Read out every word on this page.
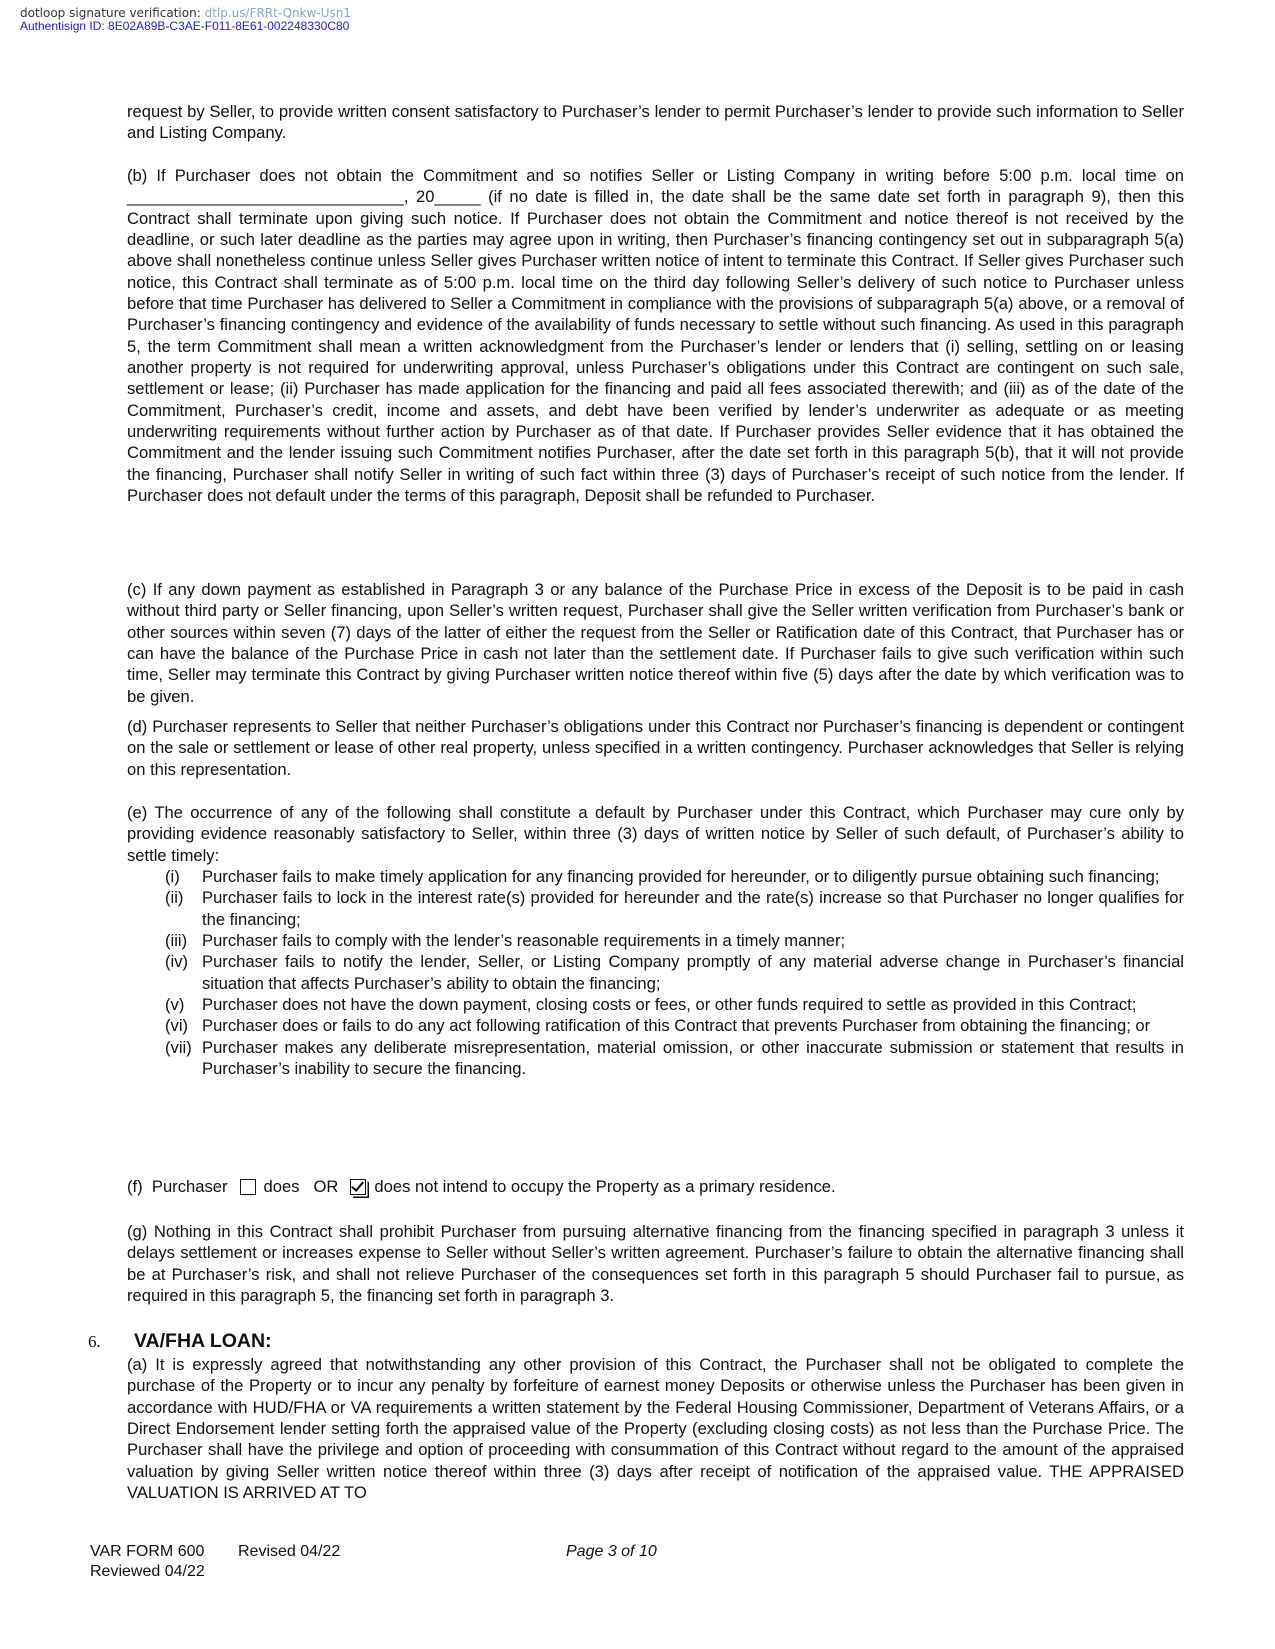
dotloop signature verification: dtlp.us/FRRt-Qnkw-Usn1
Authentisign ID: 8E02A89B-C3AE-F011-8E61-002248330C80

request by Seller, to provide written consent satisfactory to Purchaser’s lender to permit Purchaser’s lender to provide such information to Seller and Listing Company.

(b) If Purchaser does not obtain the Commitment and so notifies Seller or Listing Company in writing before 5:00 p.m. local time on ______________________________, 20_____ (if no date is filled in, the date shall be the same date set forth in paragraph 9), then this Contract shall terminate upon giving such notice. If Purchaser does not obtain the Commitment and notice thereof is not received by the deadline, or such later deadline as the parties may agree upon in writing, then Purchaser’s financing contingency set out in subparagraph 5(a) above shall nonetheless continue unless Seller gives Purchaser written notice of intent to terminate this Contract. If Seller gives Purchaser such notice, this Contract shall terminate as of 5:00 p.m. local time on the third day following Seller’s delivery of such notice to Purchaser unless before that time Purchaser has delivered to Seller a Commitment in compliance with the provisions of subparagraph 5(a) above, or a removal of Purchaser’s financing contingency and evidence of the availability of funds necessary to settle without such financing. As used in this paragraph 5, the term Commitment shall mean a written acknowledgment from the Purchaser’s lender or lenders that (i) selling, settling on or leasing another property is not required for underwriting approval, unless Purchaser’s obligations under this Contract are contingent on such sale, settlement or lease; (ii) Purchaser has made application for the financing and paid all fees associated therewith; and (iii) as of the date of the Commitment, Purchaser’s credit, income and assets, and debt have been verified by lender’s underwriter as adequate or as meeting underwriting requirements without further action by Purchaser as of that date. If Purchaser provides Seller evidence that it has obtained the Commitment and the lender issuing such Commitment notifies Purchaser, after the date set forth in this paragraph 5(b), that it will not provide the financing, Purchaser shall notify Seller in writing of such fact within three (3) days of Purchaser’s receipt of such notice from the lender. If Purchaser does not default under the terms of this paragraph, Deposit shall be refunded to Purchaser.

(c) If any down payment as established in Paragraph 3 or any balance of the Purchase Price in excess of the Deposit is to be paid in cash without third party or Seller financing, upon Seller’s written request, Purchaser shall give the Seller written verification from Purchaser’s bank or other sources within seven (7) days of the latter of either the request from the Seller or Ratification date of this Contract, that Purchaser has or can have the balance of the Purchase Price in cash not later than the settlement date. If Purchaser fails to give such verification within such time, Seller may terminate this Contract by giving Purchaser written notice thereof within five (5) days after the date by which verification was to be given.

(d) Purchaser represents to Seller that neither Purchaser’s obligations under this Contract nor Purchaser’s financing is dependent or contingent on the sale or settlement or lease of other real property, unless specified in a written contingency. Purchaser acknowledges that Seller is relying on this representation.

(e) The occurrence of any of the following shall constitute a default by Purchaser under this Contract, which Purchaser may cure only by providing evidence reasonably satisfactory to Seller, within three (3) days of written notice by Seller of such default, of Purchaser’s ability to settle timely:

(i)	Purchaser fails to make timely application for any financing provided for hereunder, or to diligently pursue obtaining such financing;
(ii)	Purchaser fails to lock in the interest rate(s) provided for hereunder and the rate(s) increase so that Purchaser no longer qualifies for the financing;
(iii) Purchaser fails to comply with the lender’s reasonable requirements in a timely manner;
(iv) Purchaser fails to notify the lender, Seller, or Listing Company promptly of any material adverse change in Purchaser’s financial situation that affects Purchaser’s ability to obtain the financing;
(v)	Purchaser does not have the down payment, closing costs or fees, or other funds required to settle as provided in this Contract;
(vi) Purchaser does or fails to do any act following ratification of this Contract that prevents Purchaser from obtaining the financing; or
(vii) Purchaser makes any deliberate misrepresentation, material omission, or other inaccurate submission or statement that results in Purchaser’s inability to secure the financing.
(f)  Purchaser does OR does not intend to occupy the Property as a primary residence.

(g) Nothing in this Contract shall prohibit Purchaser from pursuing alternative financing from the financing specified in paragraph 3 unless it delays settlement or increases expense to Seller without Seller’s written agreement. Purchaser’s failure to obtain the alternative financing shall be at Purchaser’s risk, and shall not relieve Purchaser of the consequences set forth in this paragraph 5 should Purchaser fail to pursue, as required in this paragraph 5, the financing set forth in paragraph 3.

6.	VA/FHA LOAN:

(a) It is expressly agreed that notwithstanding any other provision of this Contract, the Purchaser shall not be obligated to complete the purchase of the Property or to incur any penalty by forfeiture of earnest money Deposits or otherwise unless the Purchaser has been given in accordance with HUD/FHA or VA requirements a written statement by the Federal Housing Commissioner, Department of Veterans Affairs, or a Direct Endorsement lender setting forth the appraised value of the Property (excluding closing costs) as not less than the Purchase Price. The Purchaser shall have the privilege and option of proceeding with consummation of this Contract without regard to the amount of the appraised valuation by giving Seller written notice thereof within three (3) days after receipt of notification of the appraised value. THE APPRAISED VALUATION IS ARRIVED AT TO

VAR FORM 600	Revised 04/22
Reviewed 04/22
Page 3 of 10
